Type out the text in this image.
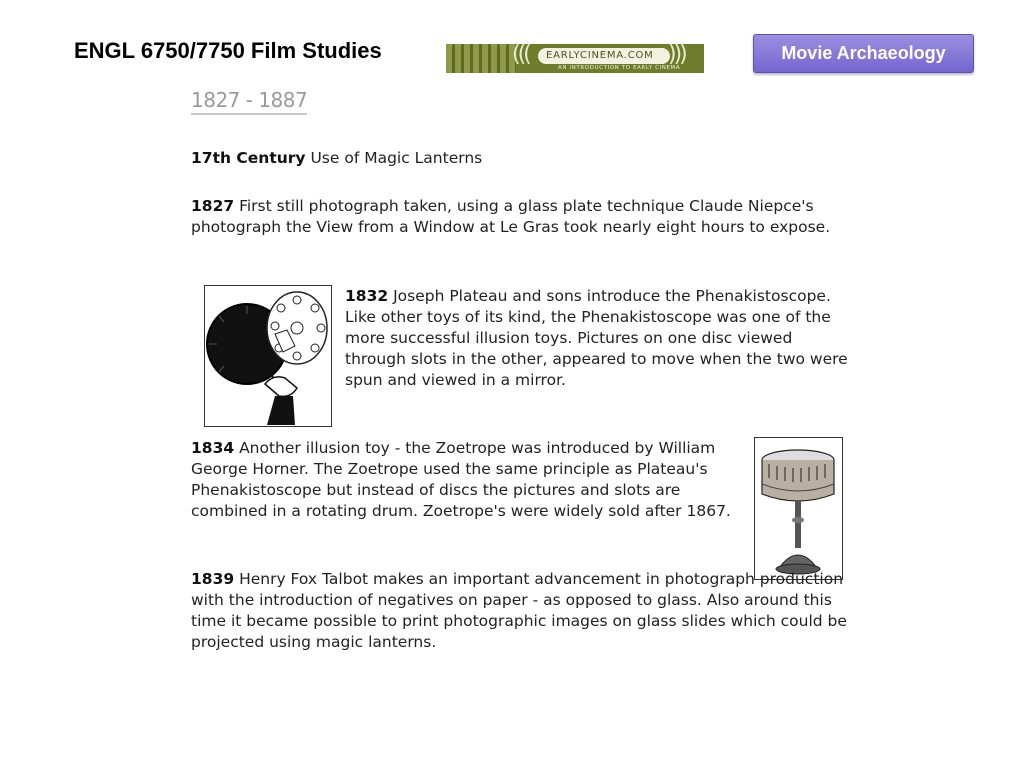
ENGL 6750/7750 Film Studies	((( EARLYCINEMA.COM )))
AN INTRODUCTION TO EARLY CINEMA
Movie Archaeology
1827 - 1887
17th Century Use of Magic Lanterns
1827 First still photograph taken, using a glass plate technique Claude Niepce's photograph the View from a Window at Le Gras took nearly eight hours to expose.
1832 Joseph Plateau and sons introduce the Phenakistoscope. Like other toys of its kind, the Phenakistoscope was one of the more successful illusion toys. Pictures on one disc viewed through slots in the other, appeared to move when the two were spun and viewed in a mirror.
1834 Another illusion toy - the Zoetrope was introduced by William George Horner. The Zoetrope used the same principle as Plateau's Phenakistoscope but instead of discs the pictures and slots are combined in a rotating drum. Zoetrope's were widely sold after 1867.
1839 Henry Fox Talbot makes an important advancement in photograph production with the introduction of negatives on paper - as opposed to glass. Also around this time it became possible to print photographic images on glass slides which could be projected using magic lanterns.
